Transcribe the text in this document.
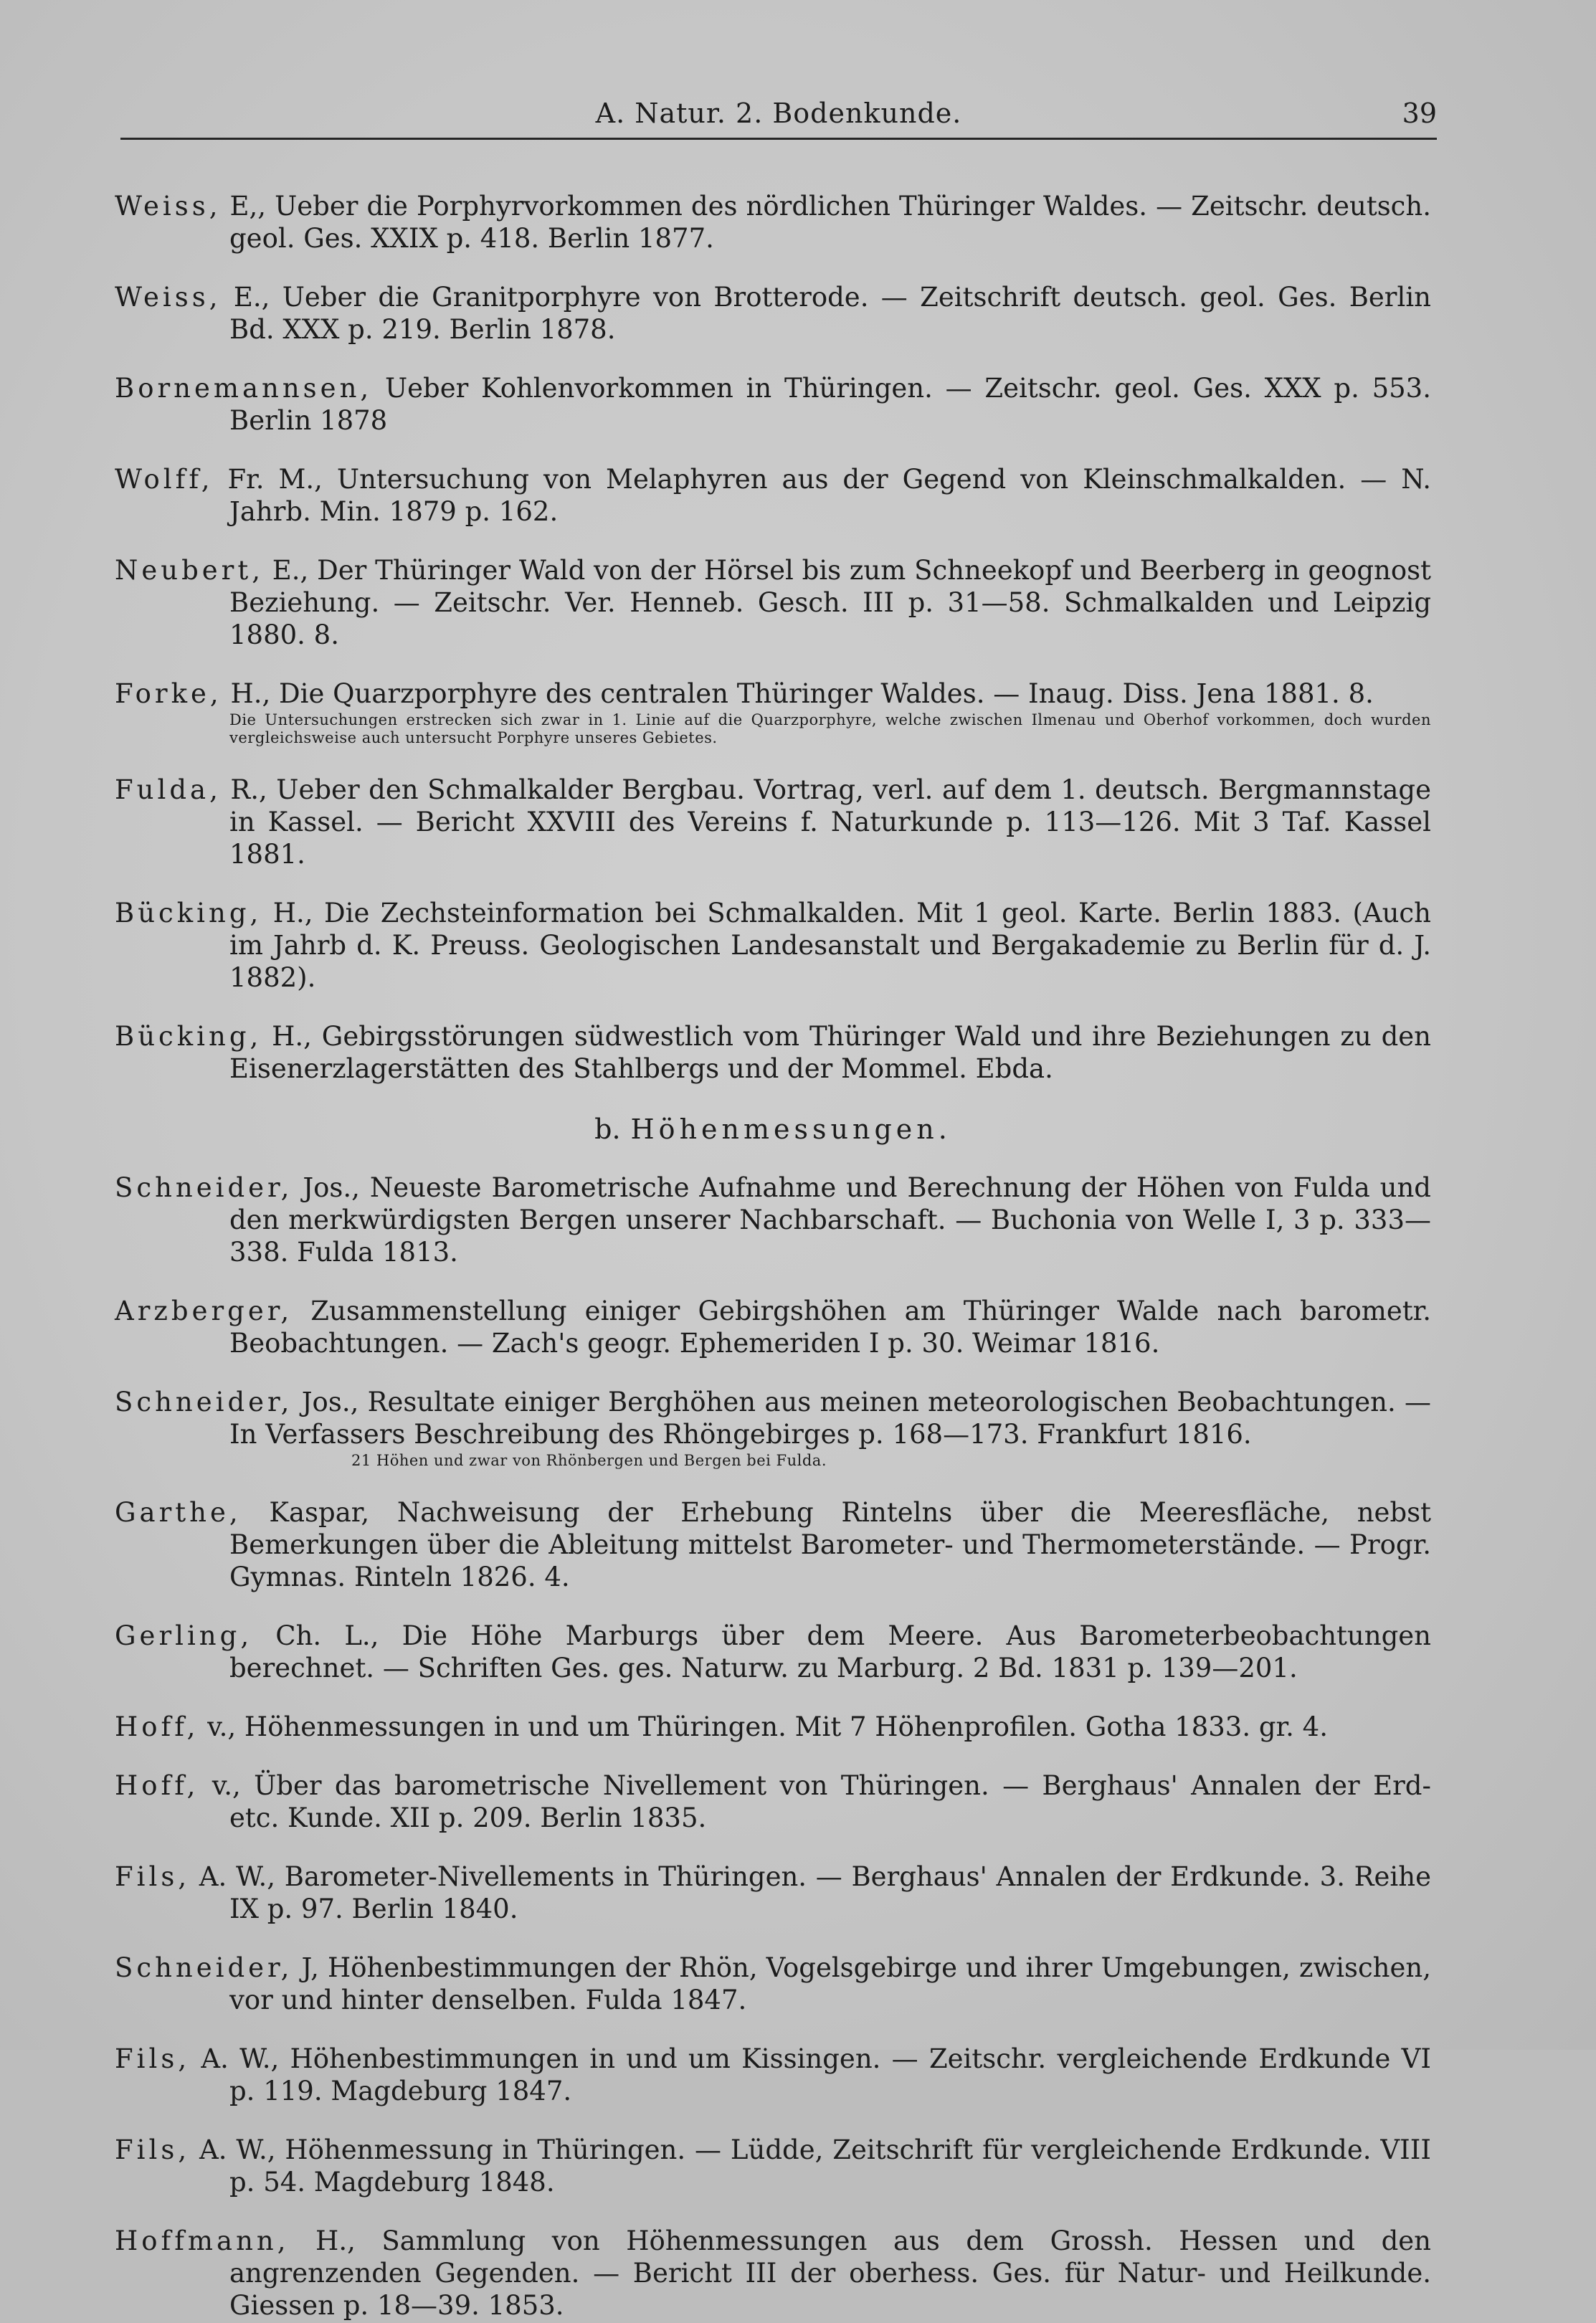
A. Natur. 2. Bodenkunde.	39

Weiss, E,, Ueber die Porphyrvorkommen des nördlichen Thüringer Waldes. — Zeitschr. deutsch. geol. Ges. XXIX p. 418. Berlin 1877.

Weiss, E., Ueber die Granitporphyre von Brotterode. — Zeitschrift deutsch. geol. Ges. Berlin Bd. XXX p. 219. Berlin 1878.

Bornemannsen, Ueber Kohlenvorkommen in Thüringen. — Zeitschr. geol. Ges. XXX p. 553. Berlin 1878

Wolff, Fr. M., Untersuchung von Melaphyren aus der Gegend von Kleinschmalkalden. — N. Jahrb. Min. 1879 p. 162.

Neubert, E., Der Thüringer Wald von der Hörsel bis zum Schneekopf und Beerberg in geognost Beziehung. — Zeitschr. Ver. Henneb. Gesch. III p. 31—58. Schmalkalden und Leipzig 1880. 8.

Forke, H., Die Quarzporphyre des centralen Thüringer Waldes. — Inaug. Diss. Jena 1881. 8.

Die Untersuchungen erstrecken sich zwar in 1. Linie auf die Quarzporphyre, welche zwischen Ilmenau und Oberhof vorkommen, doch wurden vergleichsweise auch untersucht Porphyre unseres Gebietes.

Fulda, R., Ueber den Schmalkalder Bergbau. Vortrag, verl. auf dem 1. deutsch. Bergmannstage in Kassel. — Bericht XXVIII des Vereins f. Naturkunde p. 113—126. Mit 3 Taf. Kassel 1881.

Bücking, H., Die Zechsteinformation bei Schmalkalden. Mit 1 geol. Karte. Berlin 1883. (Auch im Jahrb d. K. Preuss. Geologischen Landesanstalt und Bergakademie zu Berlin für d. J. 1882).

Bücking, H., Gebirgsstörungen südwestlich vom Thüringer Wald und ihre Beziehungen zu den Eisenerzlagerstätten des Stahlbergs und der Mommel. Ebda.

b. Höhenmessungen.

Schneider, Jos., Neueste Barometrische Aufnahme und Berechnung der Höhen von Fulda und den merkwürdigsten Bergen unserer Nachbarschaft. — Buchonia von Welle I, 3 p. 333—338. Fulda 1813.

Arzberger, Zusammenstellung einiger Gebirgshöhen am Thüringer Walde nach barometr. Beobachtungen. — Zach's geogr. Ephemeriden I p. 30. Weimar 1816.

Schneider, Jos., Resultate einiger Berghöhen aus meinen meteorologischen Beobachtungen. — In Verfassers Beschreibung des Rhöngebirges p. 168—173. Frankfurt 1816.

21 Höhen und zwar von Rhönbergen und Bergen bei Fulda.

Garthe, Kaspar, Nachweisung der Erhebung Rintelns über die Meeresfläche, nebst Bemerkungen über die Ableitung mittelst Barometer- und Thermometerstände. — Progr. Gymnas. Rinteln 1826. 4.

Gerling, Ch. L., Die Höhe Marburgs über dem Meere. Aus Barometerbeobachtungen berechnet. — Schriften Ges. ges. Naturw. zu Marburg. 2 Bd. 1831 p. 139—201.

Hoff, v., Höhenmessungen in und um Thüringen. Mit 7 Höhenprofilen. Gotha 1833. gr. 4.

Hoff, v., Über das barometrische Nivellement von Thüringen. — Berghaus' Annalen der Erd- etc. Kunde. XII p. 209. Berlin 1835.

Fils, A. W., Barometer-Nivellements in Thüringen. — Berghaus' Annalen der Erdkunde. 3. Reihe IX p. 97. Berlin 1840.

Schneider, J, Höhenbestimmungen der Rhön, Vogelsgebirge und ihrer Umgebungen, zwischen, vor und hinter denselben. Fulda 1847.

Fils, A. W., Höhenbestimmungen in und um Kissingen. — Zeitschr. vergleichende Erdkunde VI p. 119. Magdeburg 1847.

Fils, A. W., Höhenmessung in Thüringen. — Lüdde, Zeitschrift für vergleichende Erdkunde. VIII p. 54. Magdeburg 1848.

Hoffmann, H., Sammlung von Höhenmessungen aus dem Grossh. Hessen und den angrenzenden Gegenden. — Bericht III der oberhess. Ges. für Natur- und Heilkunde. Giessen p. 18—39. 1853.
